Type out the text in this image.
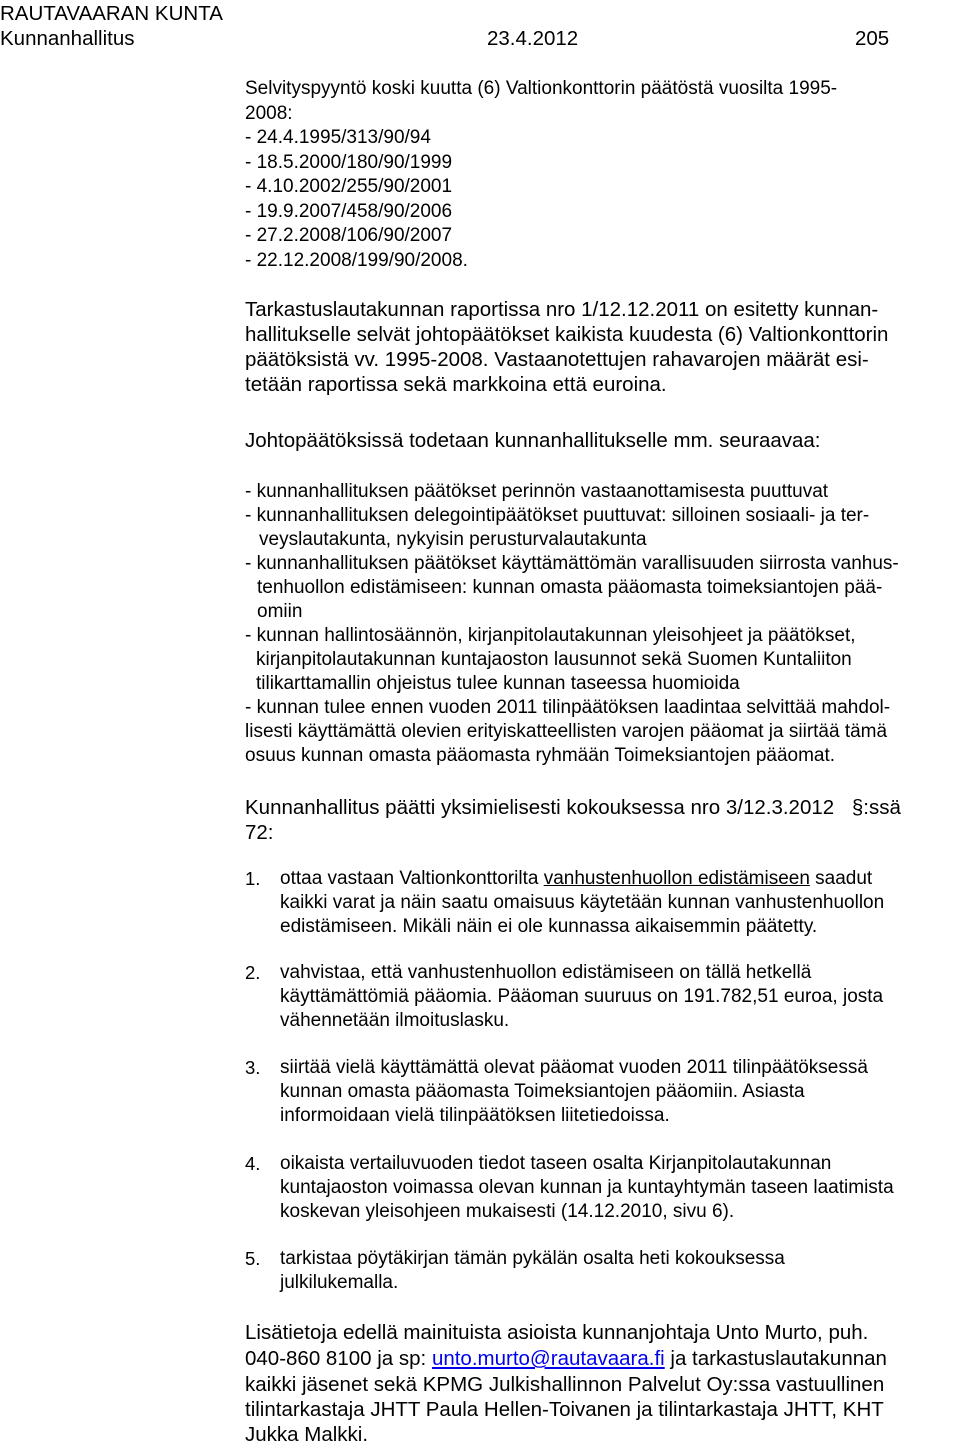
RAUTAVAARAN KUNTA
Kunnanhallitus	23.4.2012	205
Selvityspyyntö koski kuutta (6) Valtionkonttorin päätöstä vuosilta 1995-
2008:
- 24.4.1995/313/90/94
- 18.5.2000/180/90/1999
- 4.10.2002/255/90/2001
- 19.9.2007/458/90/2006
- 27.2.2008/106/90/2007
- 22.12.2008/199/90/2008.
Tarkastuslautakunnan raportissa nro 1/12.12.2011 on esitetty kunnan-
hallitukselle selvät johtopäätökset kaikista kuudesta (6) Valtionkonttorin
päätöksistä vv. 1995-2008. Vastaanotettujen rahavarojen määrät esi-
tetään raportissa sekä markkoina että euroina.
Johtopäätöksissä todetaan kunnanhallitukselle mm. seuraavaa:
- kunnanhallituksen päätökset perinnön vastaanottamisesta puuttuvat
- kunnanhallituksen delegointipäätökset puuttuvat: silloinen sosiaali- ja ter-
veyslautakunta, nykyisin perusturvalautakunta
- kunnanhallituksen päätökset käyttämättömän varallisuuden siirrosta vanhus-
tenhuollon edistämiseen: kunnan omasta pääomasta toimeksiantojen pää-
omiin
- kunnan hallintosäännön, kirjanpitolautakunnan yleisohjeet ja päätökset,
kirjanpitolautakunnan kuntajaoston lausunnot sekä Suomen Kuntaliiton
tilikarttamallin ohjeistus tulee kunnan taseessa huomioida
- kunnan tulee ennen vuoden 2011 tilinpäätöksen laadintaa selvittää mahdol-
lisesti käyttämättä olevien erityiskatteellisten varojen pääomat ja siirtää tämä
osuus kunnan omasta pääomasta ryhmään Toimeksiantojen pääomat.
Kunnanhallitus päätti yksimielisesti kokouksessa nro 3/12.3.2012 §:ssä
72:
1. ottaa vastaan Valtionkonttorilta vanhustenhuollon edistämiseen saadut
kaikki varat ja näin saatu omaisuus käytetään kunnan vanhustenhuollon
edistämiseen. Mikäli näin ei ole kunnassa aikaisemmin päätetty.
2. vahvistaa, että vanhustenhuollon edistämiseen on tällä hetkellä
käyttämättömiä pääomia. Pääoman suuruus on 191.782,51 euroa, josta
vähennetään ilmoituslasku.
3. siirtää vielä käyttämättä olevat pääomat vuoden 2011 tilinpäätöksessä
kunnan omasta pääomasta Toimeksiantojen pääomiin. Asiasta
informoidaan vielä tilinpäätöksen liitetiedoissa.
4. oikaista vertailuvuoden tiedot taseen osalta Kirjanpitolautakunnan
kuntajaoston voimassa olevan kunnan ja kuntayhtymän taseen laatimista
koskevan yleisohjeen mukaisesti (14.12.2010, sivu 6).
5. tarkistaa pöytäkirjan tämän pykälän osalta heti kokouksessa
julkilukemalla.
Lisätietoja edellä mainituista asioista kunnanjohtaja Unto Murto, puh.
040-860 8100 ja sp: unto.murto@rautavaara.fi ja tarkastuslautakunnan
kaikki jäsenet sekä KPMG Julkishallinnon Palvelut Oy:ssa vastuullinen
tilintarkastaja JHTT Paula Hellen-Toivanen ja tilintarkastaja JHTT, KHT
Jukka Malkki.
